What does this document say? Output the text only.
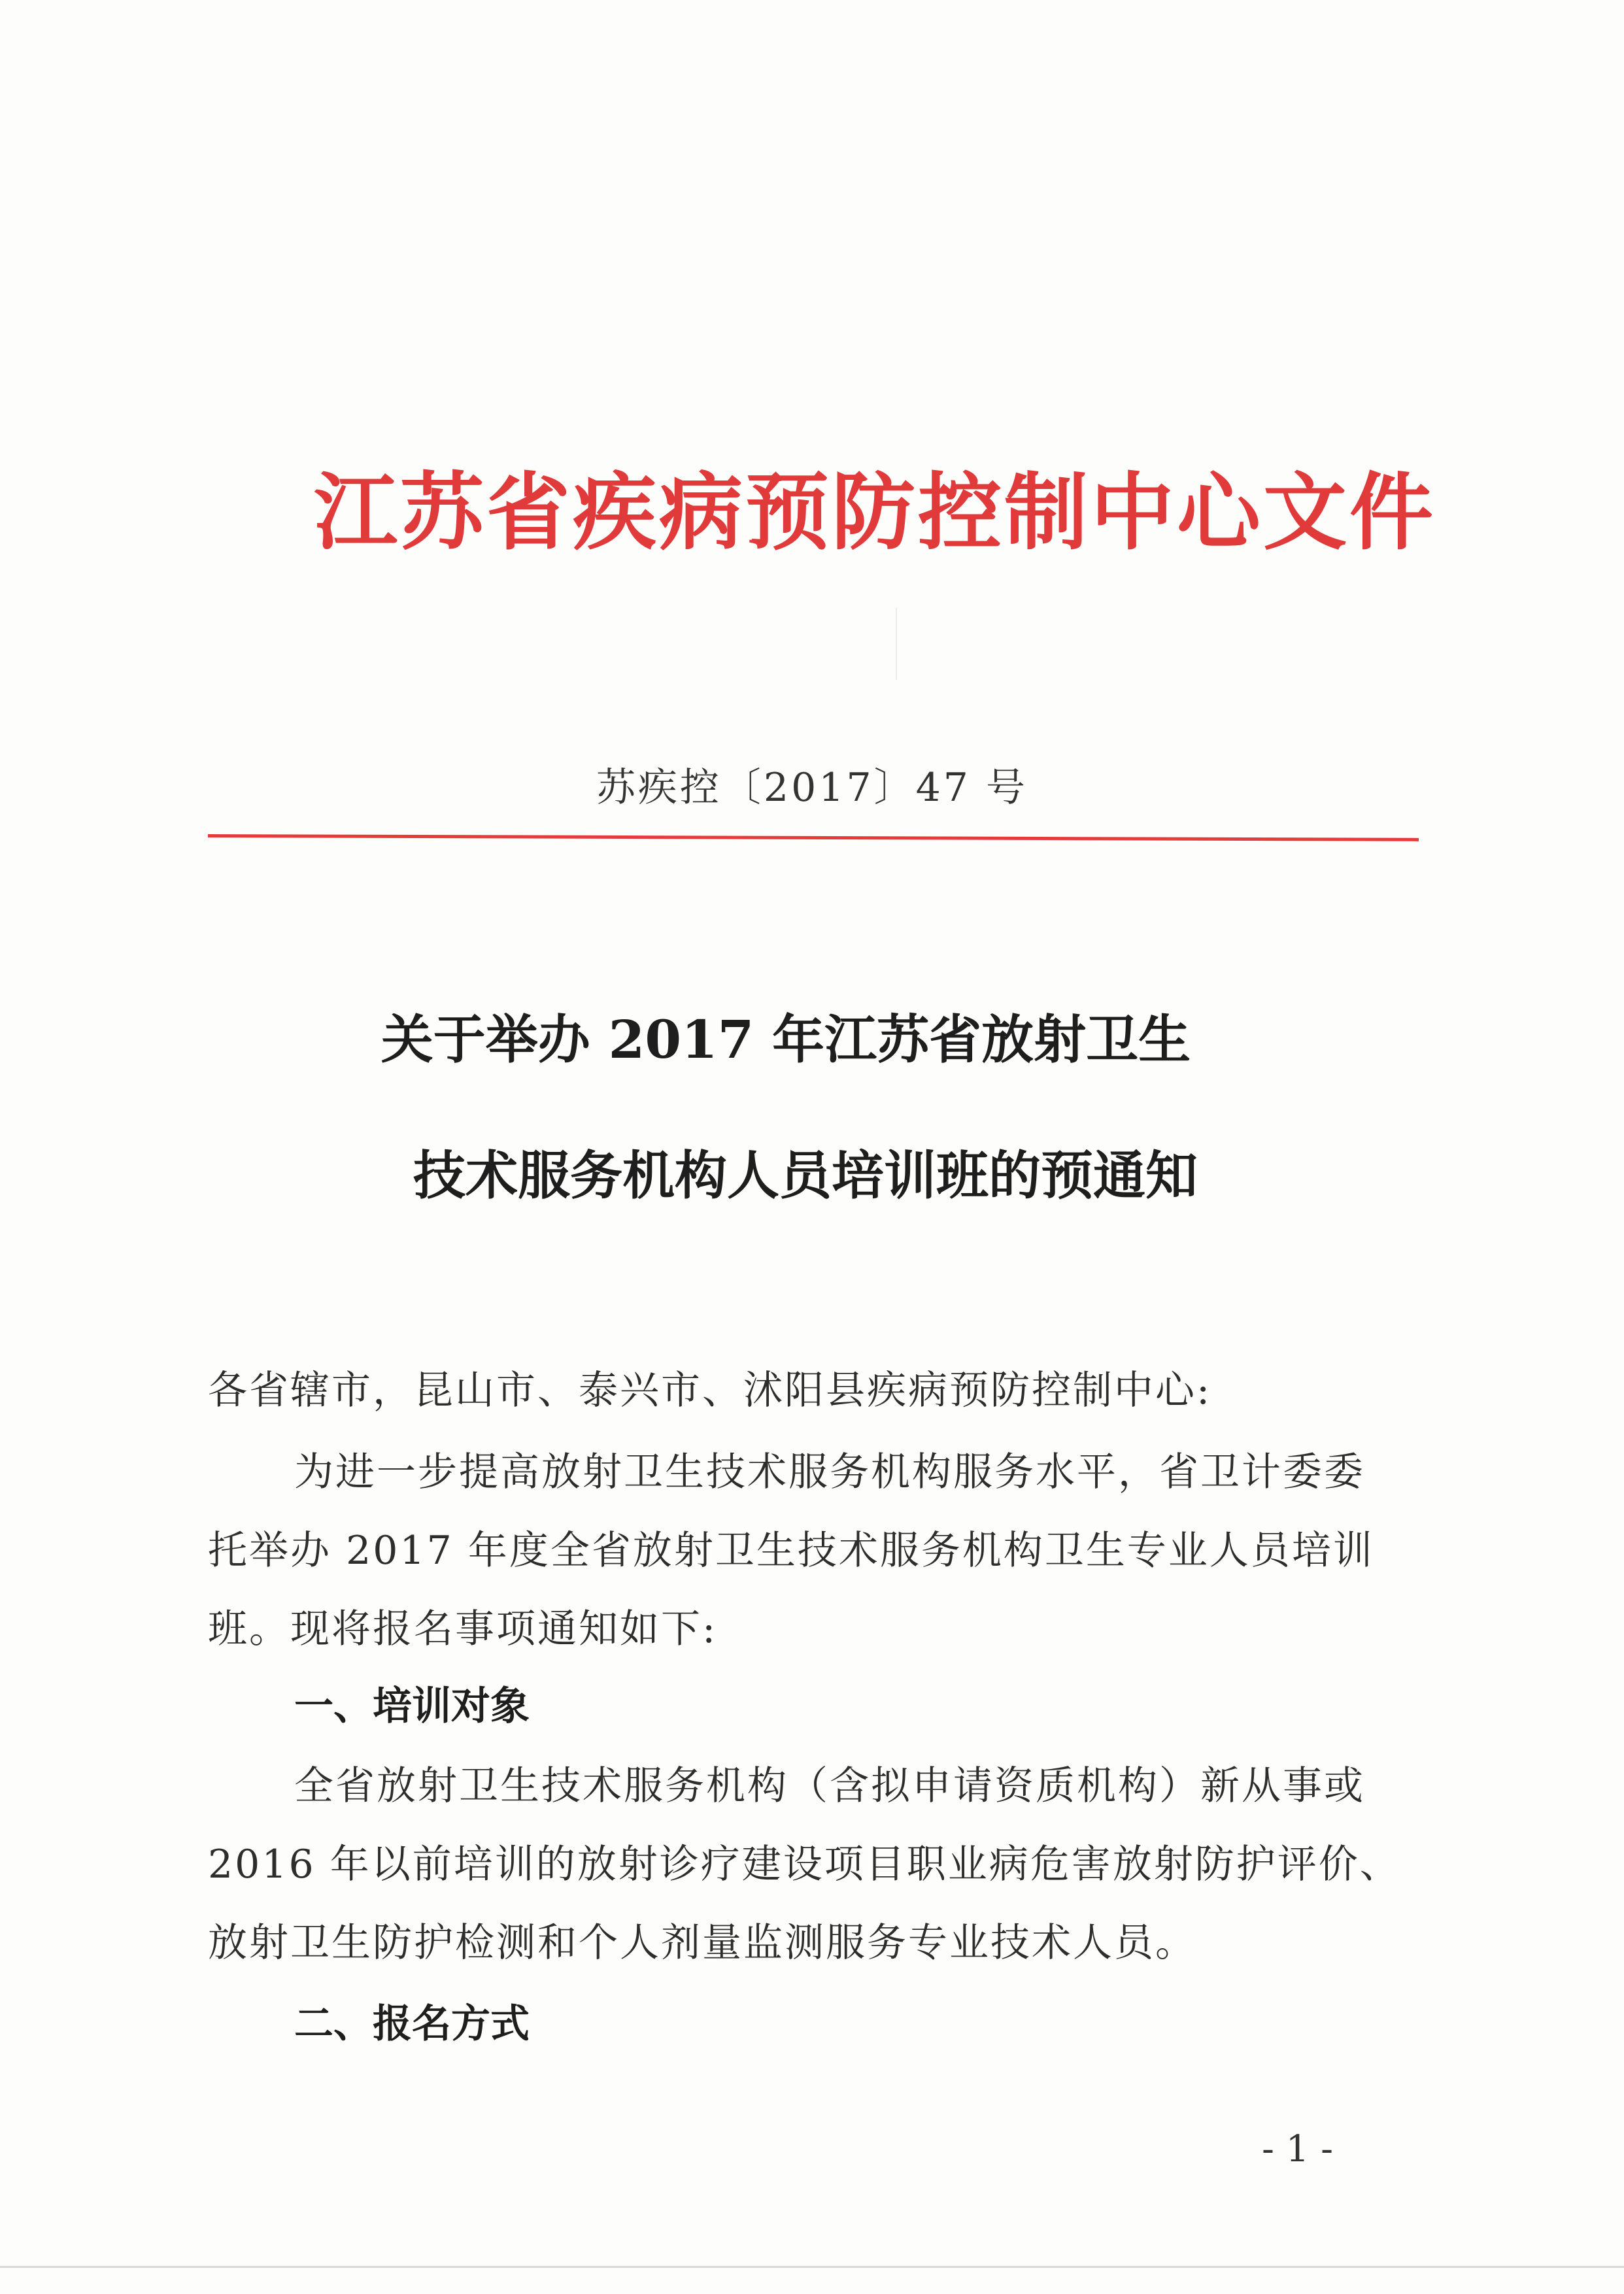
江苏省疾病预防控制中心文件
苏疾控〔2017〕47 号
关于举办 2017 年江苏省放射卫生
技术服务机构人员培训班的预通知
各省辖市，昆山市、泰兴市、沭阳县疾病预防控制中心:
为进一步提高放射卫生技术服务机构服务水平，省卫计委委
托举办 2017 年度全省放射卫生技术服务机构卫生专业人员培训
班。现将报名事项通知如下:
一、培训对象
全省放射卫生技术服务机构（含拟申请资质机构）新从事或
2016 年以前培训的放射诊疗建设项目职业病危害放射防护评价、
放射卫生防护检测和个人剂量监测服务专业技术人员。
二、报名方式
- 1 -
